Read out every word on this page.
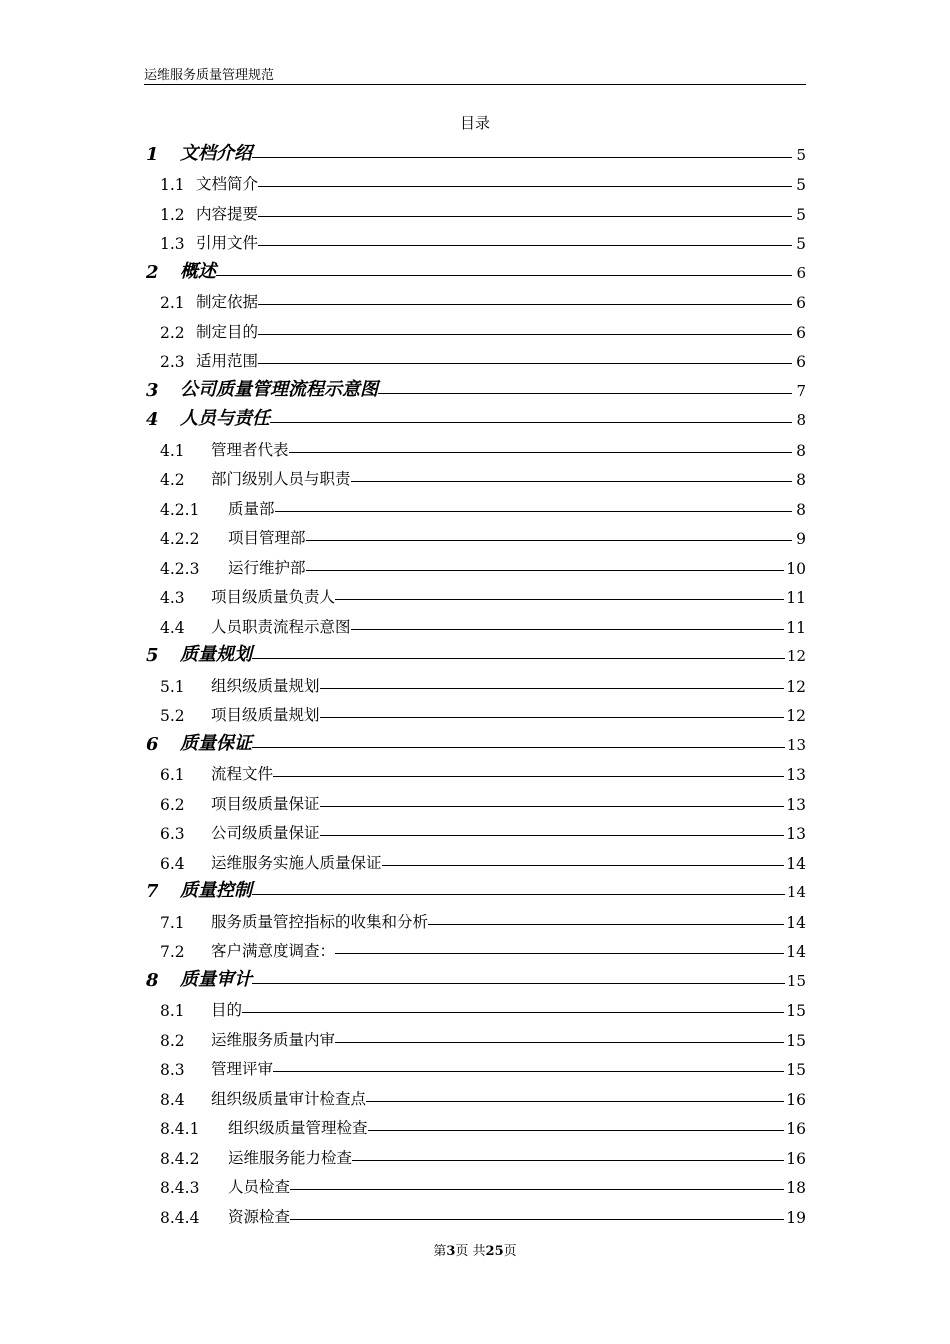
运维服务质量管理规范
目录
1	文档介绍	5
1.1 文档简介	5
1.2 内容提要	5
1.3 引用文件	5
2	概述	6
2.1 制定依据	6
2.2 制定目的	6
2.3 适用范围	6
3	公司质量管理流程示意图	7
4	人员与责任	8
4.1	管理者代表	8
4.2	部门级别人员与职责	8
4.2.1	质量部	8
4.2.2	项目管理部	9
4.2.3	运行维护部	10
4.3	项目级质量负责人	11
4.4	人员职责流程示意图	11
5	质量规划	12
5.1	组织级质量规划	12
5.2	项目级质量规划	12
6	质量保证	13
6.1	流程文件	13
6.2	项目级质量保证	13
6.3	公司级质量保证	13
6.4	运维服务实施人质量保证	14
7	质量控制	14
7.1	服务质量管控指标的收集和分析	14
7.2	客户满意度调查：	14
8	质量审计	15
8.1	目的	15
8.2	运维服务质量内审	15
8.3	管理评审	15
8.4	组织级质量审计检查点	16
8.4.1	组织级质量管理检查	16
8.4.2	运维服务能力检查	16
8.4.3	人员检查	18
8.4.4	资源检查	19
第3页 共25页
